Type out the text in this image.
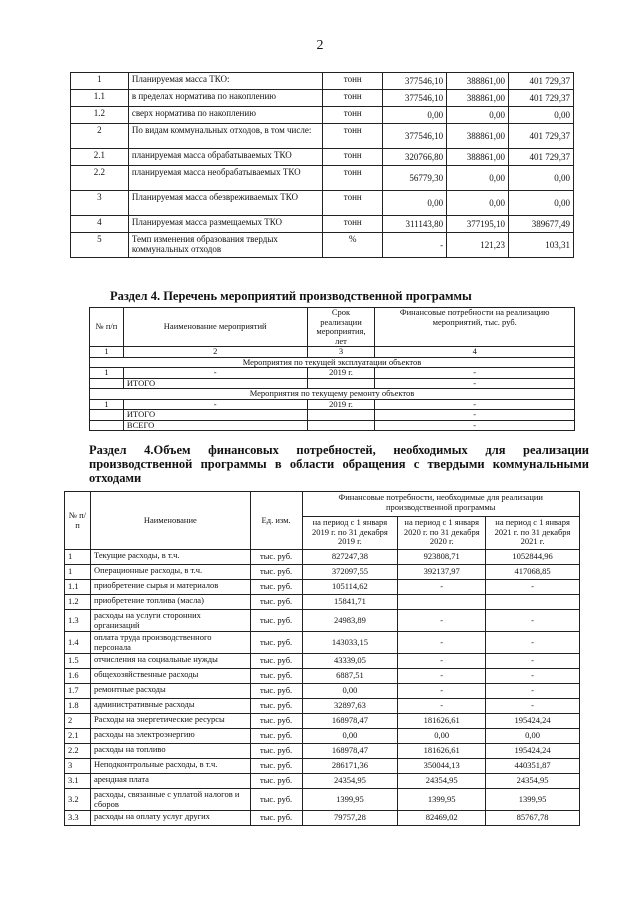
2
1	Планируемая масса ТКО:	тонн	377546,10	388861,00	401 729,37
1.1	в пределах норматива по накоплению	тонн	377546,10	388861,00	401 729,37
1.2	сверх норматива по накоплению	тонн	0,00	0,00	0,00
2	По видам коммунальных отходов, в том числе:	тонн	377546,10	388861,00	401 729,37
2.1	планируемая масса обрабатываемых ТКО	тонн	320766,80	388861,00	401 729,37
2.2	планируемая масса необрабатываемых ТКО	тонн	56779,30	0,00	0,00
3	Планируемая масса обезвреживаемых ТКО	тонн	0,00	0,00	0,00
4	Планируемая масса размещаемых ТКО	тонн	311143,80	377195,10	389677,49
5	Темп изменения образования твердых коммунальных отходов	%	-	121,23	103,31
Раздел 4. Перечень мероприятий производственной программы
№ п/п	Наименование мероприятий	Срок реализации мероприятия, лет	Финансовые потребности на реализацию мероприятий, тыс. руб.
1	2	3	4
Мероприятия по текущей эксплуатации объектов			
1	-	2019 г.	-
	ИТОГО		-
Мероприятия по текущему ремонту объектов			
1	-	2019 г.	-
	ИТОГО		-
	ВСЕГО		-
Раздел 4.Объем финансовых потребностей, необходимых для реализации производственной программы в области обращения с твердыми коммунальными отходами
№ п/п	Наименование	Ед. изм.	Финансовые потребности, необходимые для реализации производственной программы		
			на период с 1 января 2019 г. по 31 декабря 2019 г.	на период с 1 января 2020 г. по 31 декабря 2020 г.	на период с 1 января 2021 г. по 31 декабря 2021 г.
1	Текущие расходы, в т.ч.	тыс. руб.	827247,38	923808,71	1052844,96
1	Операционные расходы, в т.ч.	тыс. руб.	372097,55	392137,97	417068,85
1.1	приобретение сырья и материалов	тыс. руб.	105114,62	-	-
1.2	приобретение топлива (масла)	тыс. руб.	15841,71		
1.3	расходы на услуги сторонних организаций	тыс. руб.	24983,89	-	-
1.4	оплата труда производственного персонала	тыс. руб.	143033,15	-	-
1.5	отчисления на социальные нужды	тыс. руб.	43339,05	-	-
1.6	общехозяйственные расходы	тыс. руб.	6887,51	-	-
1.7	ремонтные расходы	тыс. руб.	0,00	-	-
1.8	административные расходы	тыс. руб.	32897,63	-	-
2	Расходы на энергетические ресурсы	тыс. руб.	168978,47	181626,61	195424,24
2.1	расходы на электроэнергию	тыс. руб.	0,00	0,00	0,00
2.2	расходы на топливо	тыс. руб.	168978,47	181626,61	195424,24
3	Неподконтрольные расходы, в т.ч.	тыс. руб.	286171,36	350044,13	440351,87
3.1	арендная плата	тыс. руб.	24354,95	24354,95	24354,95
3.2	расходы, связанные с уплатой налогов и сборов	тыс. руб.	1399,95	1399,95	1399,95
3.3	расходы на оплату услуг других	тыс. руб.	79757,28	82469,02	85767,78
